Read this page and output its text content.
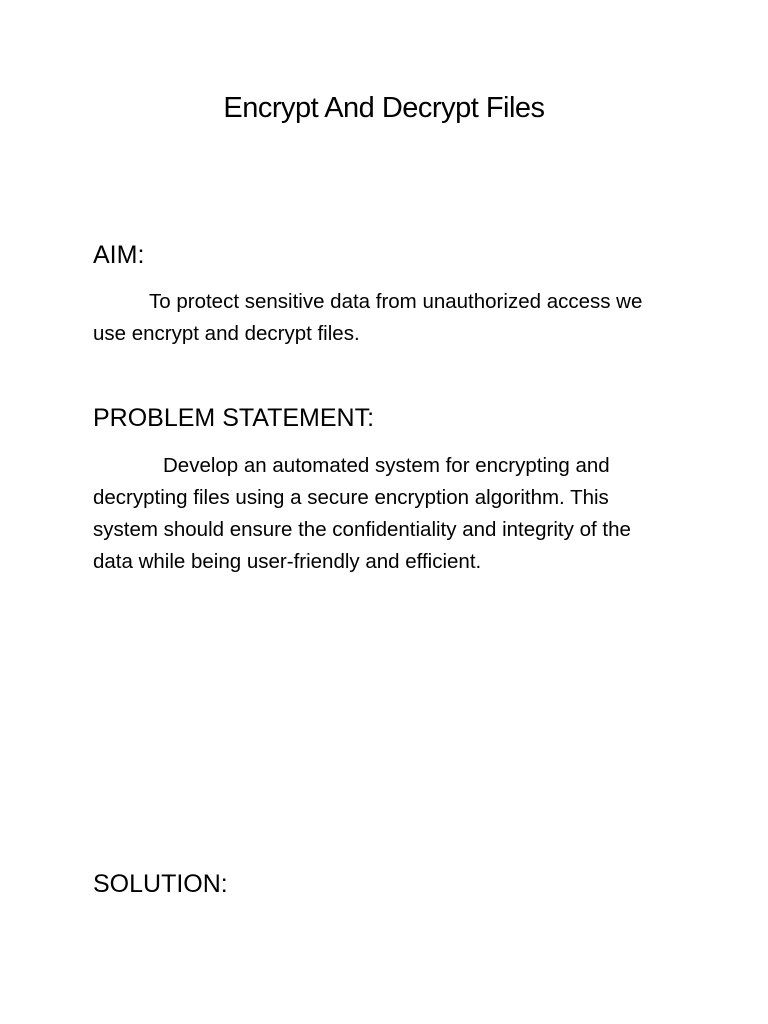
Encrypt And Decrypt Files
AIM:

To protect sensitive data from unauthorized access we use encrypt and decrypt files.

PROBLEM STATEMENT:

Develop an automated system for encrypting and decrypting files using a secure encryption algorithm. This system should ensure the confidentiality and integrity of the data while being user-friendly and efficient.

SOLUTION:
